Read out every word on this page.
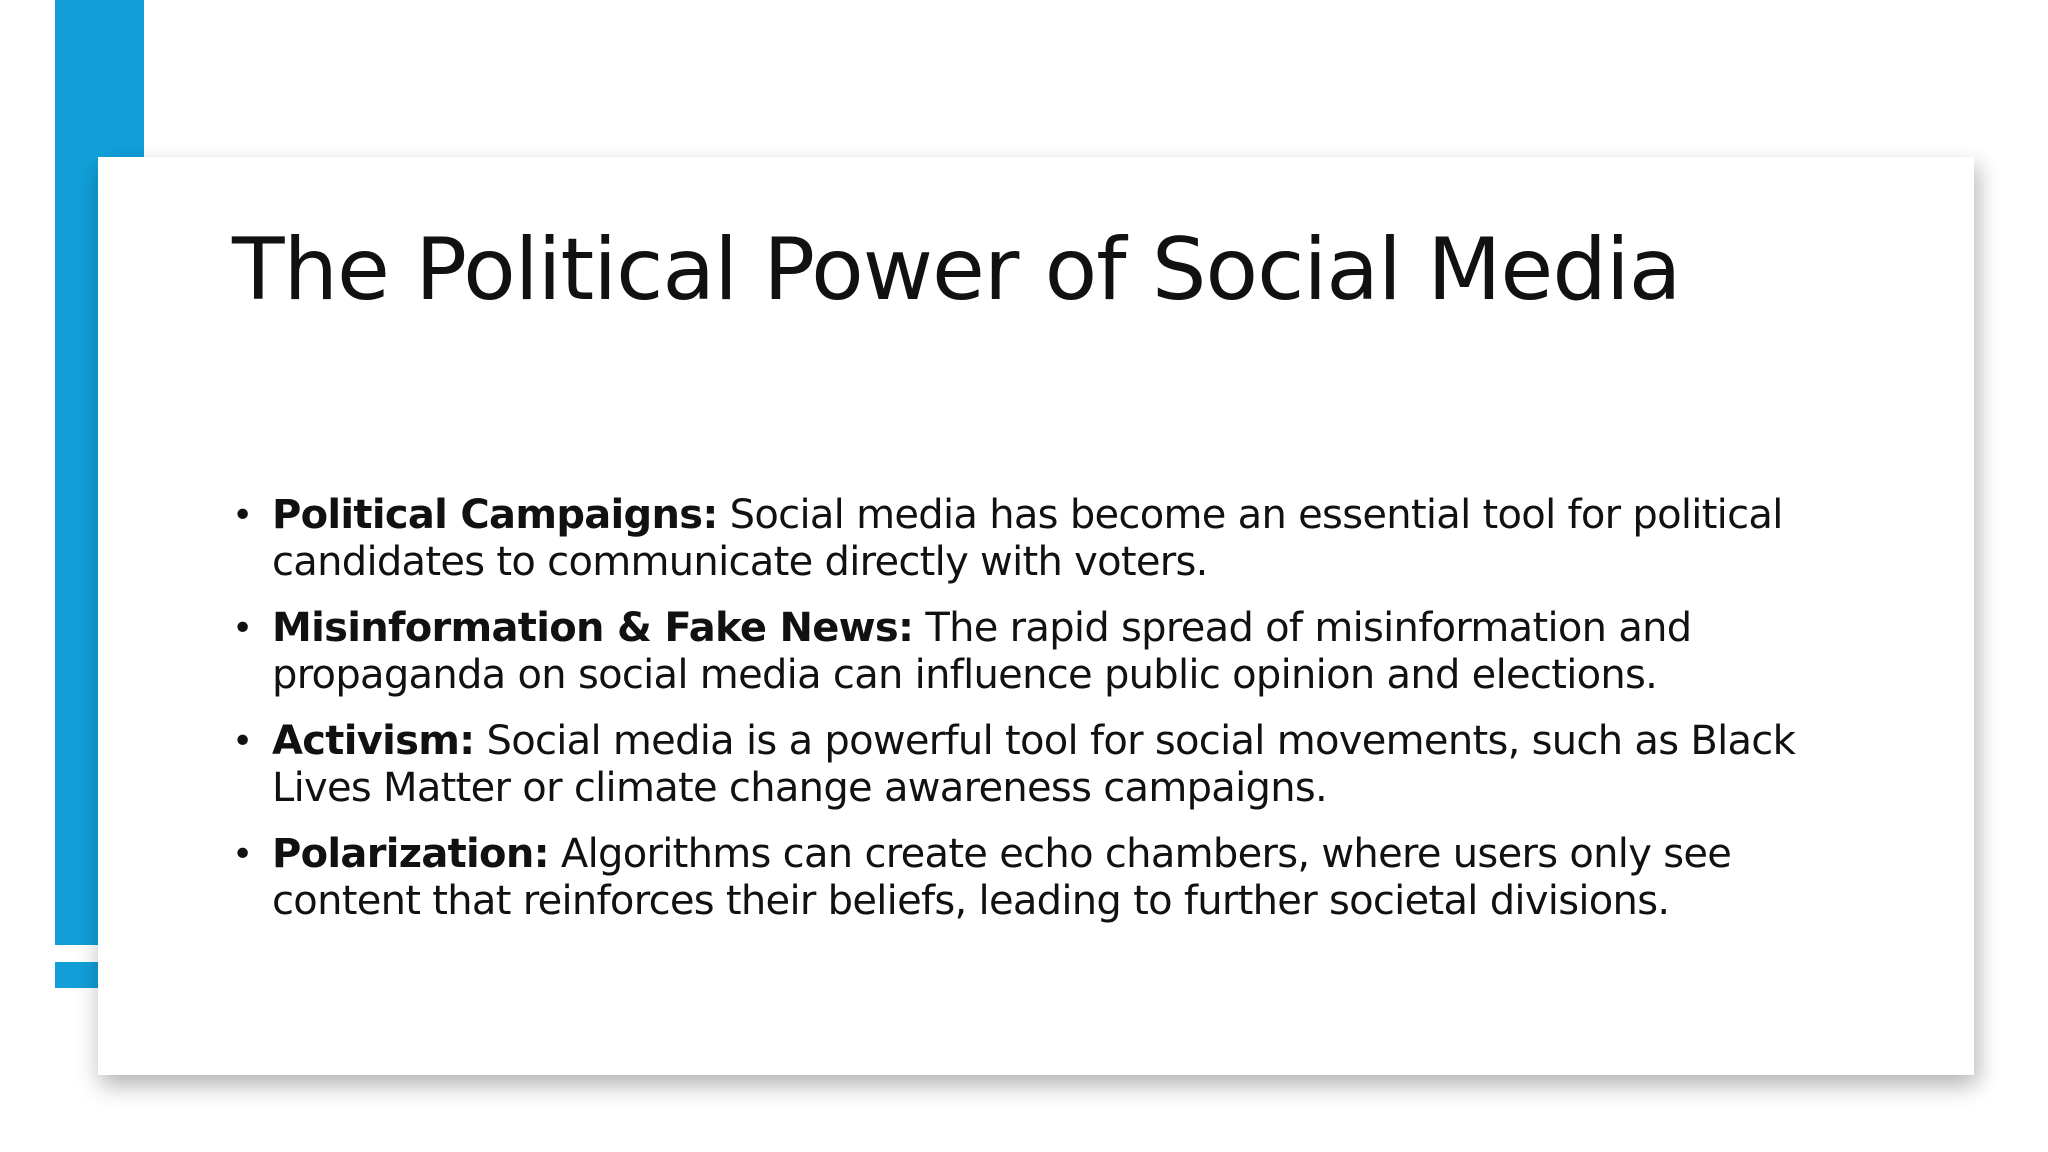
The Political Power of Social Media
• Political Campaigns: Social media has become an essential tool for political candidates to communicate directly with voters.
• Misinformation & Fake News: The rapid spread of misinformation and propaganda on social media can influence public opinion and elections.
• Activism: Social media is a powerful tool for social movements, such as Black Lives Matter or climate change awareness campaigns.
• Polarization: Algorithms can create echo chambers, where users only see content that reinforces their beliefs, leading to further societal divisions.
